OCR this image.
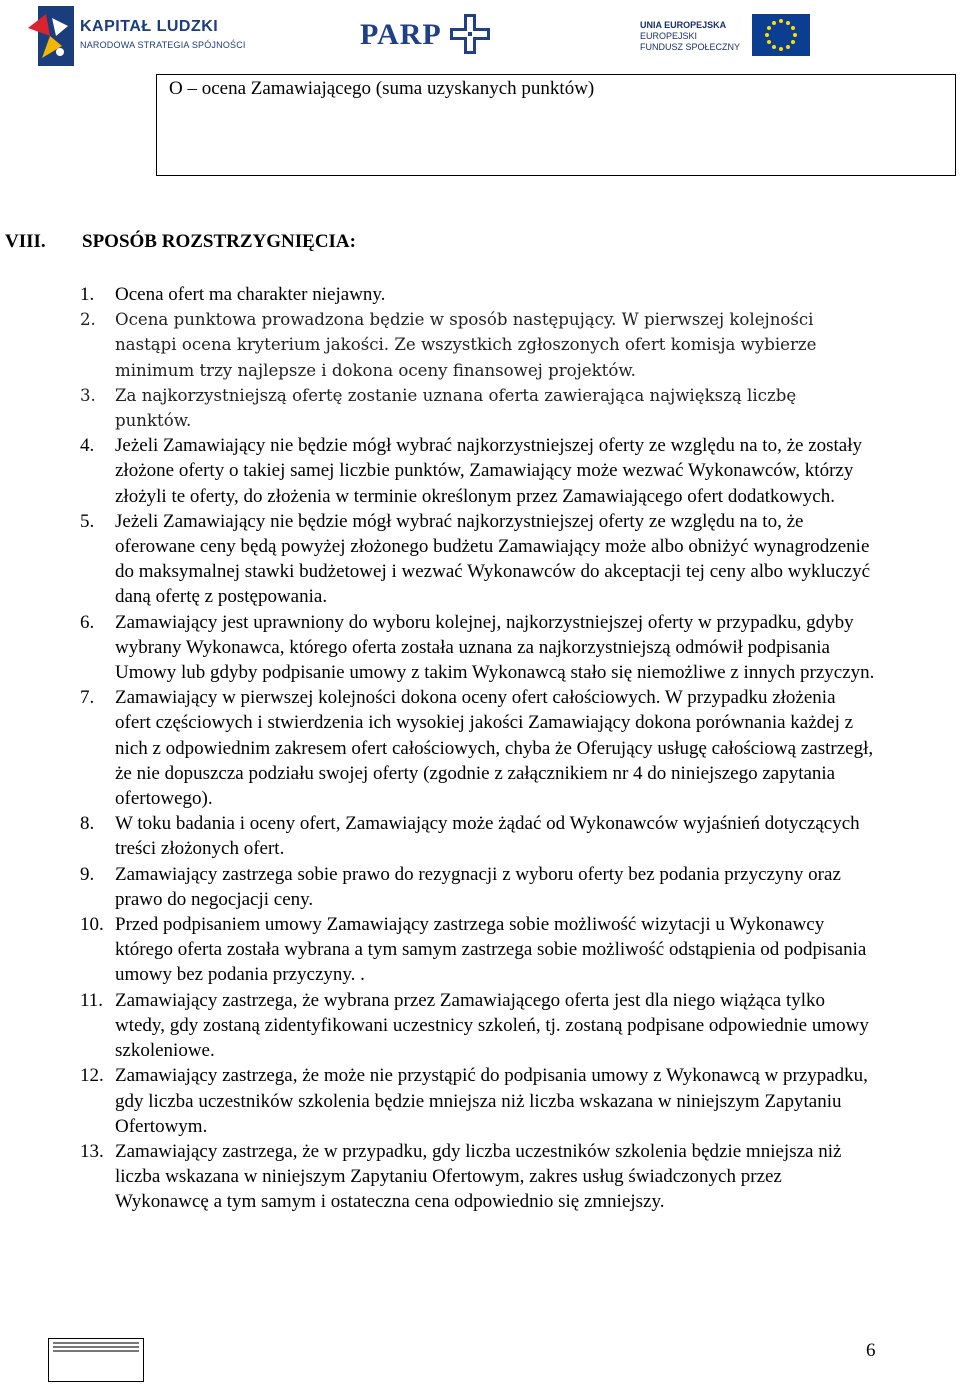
KAPITAŁ LUDZKI
NARODOWA STRATEGIA SPÓJNOŚCI	PARP	UNIA EUROPEJSKA
EUROPEJSKI
FUNDUSZ SPOŁECZNY
O – ocena Zamawiającego (suma uzyskanych punktów)
VIII. SPOSÓB ROZSTRZYGNIĘCIA:
1. Ocena ofert ma charakter niejawny.
2. Ocena punktowa prowadzona będzie w sposób następujący. W pierwszej kolejności nastąpi ocena kryterium jakości. Ze wszystkich zgłoszonych ofert komisja wybierze minimum trzy najlepsze i dokona oceny finansowej projektów.
3. Za najkorzystniejszą ofertę zostanie uznana oferta zawierająca największą liczbę punktów.
4. Jeżeli Zamawiający nie będzie mógł wybrać najkorzystniejszej oferty ze względu na to, że zostały złożone oferty o takiej samej liczbie punktów, Zamawiający może wezwać Wykonawców, którzy złożyli te oferty, do złożenia w terminie określonym przez Zamawiającego ofert dodatkowych.
5. Jeżeli Zamawiający nie będzie mógł wybrać najkorzystniejszej oferty ze względu na to, że oferowane ceny będą powyżej złożonego budżetu Zamawiający może albo obniżyć wynagrodzenie do maksymalnej stawki budżetowej i wezwać Wykonawców do akceptacji tej ceny albo wykluczyć daną ofertę z postępowania.
6. Zamawiający jest uprawniony do wyboru kolejnej, najkorzystniejszej oferty w przypadku, gdyby wybrany Wykonawca, którego oferta została uznana za najkorzystniejszą odmówił podpisania Umowy lub gdyby podpisanie umowy z takim Wykonawcą stało się niemożliwe z innych przyczyn.
7. Zamawiający w pierwszej kolejności dokona oceny ofert całościowych. W przypadku złożenia ofert częściowych i stwierdzenia ich wysokiej jakości Zamawiający dokona porównania każdej z nich z odpowiednim zakresem ofert całościowych, chyba że Oferujący usługę całościową zastrzegł, że nie dopuszcza podziału swojej oferty (zgodnie z załącznikiem nr 4 do niniejszego zapytania ofertowego).
8. W toku badania i oceny ofert, Zamawiający może żądać od Wykonawców wyjaśnień dotyczących treści złożonych ofert.
9. Zamawiający zastrzega sobie prawo do rezygnacji z wyboru oferty bez podania przyczyny oraz prawo do negocjacji ceny.
10. Przed podpisaniem umowy Zamawiający zastrzega sobie możliwość wizytacji u Wykonawcy którego oferta została wybrana a tym samym zastrzega sobie możliwość odstąpienia od podpisania umowy bez podania przyczyny. .
11. Zamawiający zastrzega, że wybrana przez Zamawiającego oferta jest dla niego wiążąca tylko wtedy, gdy zostaną zidentyfikowani uczestnicy szkoleń, tj. zostaną podpisane odpowiednie umowy szkoleniowe.
12. Zamawiający zastrzega, że może nie przystąpić do podpisania umowy z Wykonawcą w przypadku, gdy liczba uczestników szkolenia będzie mniejsza niż liczba wskazana w niniejszym Zapytaniu Ofertowym.
13. Zamawiający zastrzega, że w przypadku, gdy liczba uczestników szkolenia będzie mniejsza niż liczba wskazana w niniejszym Zapytaniu Ofertowym, zakres usług świadczonych przez Wykonawcę a tym samym i ostateczna cena odpowiednio się zmniejszy.
6
